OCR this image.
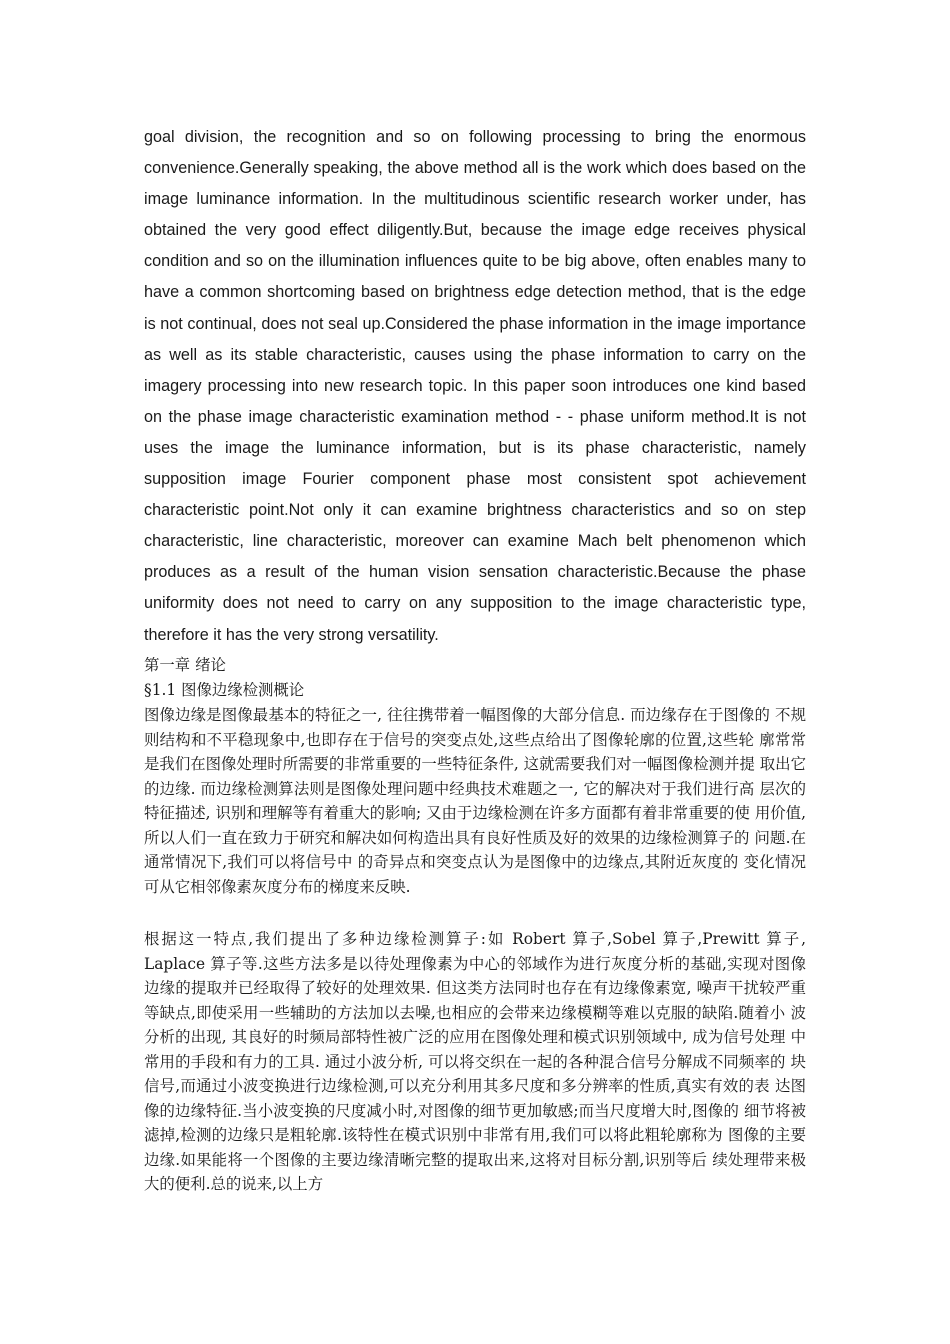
goal division, the recognition and so on following processing to bring the enormous convenience.Generally speaking, the above method all is the work which does based on the image luminance information. In the multitudinous scientific research worker under, has obtained the very good effect diligently.But, because the image edge receives physical condition and so on the illumination influences quite to be big above, often enables many to have a common shortcoming based on brightness edge detection method, that is the edge is not continual, does not seal up.Considered the phase information in the image importance as well as its stable characteristic, causes using the phase information to carry on the imagery processing into new research topic. In this paper soon introduces one kind based on the phase image characteristic examination method - - phase uniform method.It is not uses the image the luminance information, but is its phase characteristic, namely supposition image Fourier component phase most consistent spot achievement characteristic point.Not only it can examine brightness characteristics and so on step characteristic, line characteristic, moreover can examine Mach belt phenomenon which produces as a result of the human vision sensation characteristic.Because the phase uniformity does not need to carry on any supposition to the image characteristic type, therefore it has the very strong versatility.

第一章 绪论
§1.1 图像边缘检测概论

图像边缘是图像最基本的特征之一, 往往携带着一幅图像的大部分信息. 而边缘存在于图像的 不规则结构和不平稳现象中,也即存在于信号的突变点处,这些点给出了图像轮廓的位置,这些轮 廓常常是我们在图像处理时所需要的非常重要的一些特征条件, 这就需要我们对一幅图像检测并提 取出它的边缘. 而边缘检测算法则是图像处理问题中经典技术难题之一, 它的解决对于我们进行高 层次的特征描述, 识别和理解等有着重大的影响; 又由于边缘检测在许多方面都有着非常重要的使 用价值, 所以人们一直在致力于研究和解决如何构造出具有良好性质及好的效果的边缘检测算子的 问题.在通常情况下,我们可以将信号中 的奇异点和突变点认为是图像中的边缘点,其附近灰度的 变化情况可从它相邻像素灰度分布的梯度来反映.

根据这一特点,我们提出了多种边缘检测算子:如 Robert 算子,Sobel 算子,Prewitt 算子, Laplace 算子等.这些方法多是以待处理像素为中心的邻域作为进行灰度分析的基础,实现对图像 边缘的提取并已经取得了较好的处理效果. 但这类方法同时也存在有边缘像素宽, 噪声干扰较严重 等缺点,即使采用一些辅助的方法加以去噪,也相应的会带来边缘模糊等难以克服的缺陷.随着小 波分析的出现, 其良好的时频局部特性被广泛的应用在图像处理和模式识别领域中, 成为信号处理 中常用的手段和有力的工具. 通过小波分析, 可以将交织在一起的各种混合信号分解成不同频率的 块信号,而通过小波变换进行边缘检测,可以充分利用其多尺度和多分辨率的性质,真实有效的表 达图像的边缘特征.当小波变换的尺度减小时,对图像的细节更加敏感;而当尺度增大时,图像的 细节将被滤掉,检测的边缘只是粗轮廓.该特性在模式识别中非常有用,我们可以将此粗轮廓称为 图像的主要边缘.如果能将一个图像的主要边缘清晰完整的提取出来,这将对目标分割,识别等后 续处理带来极大的便利.总的说来,以上方
